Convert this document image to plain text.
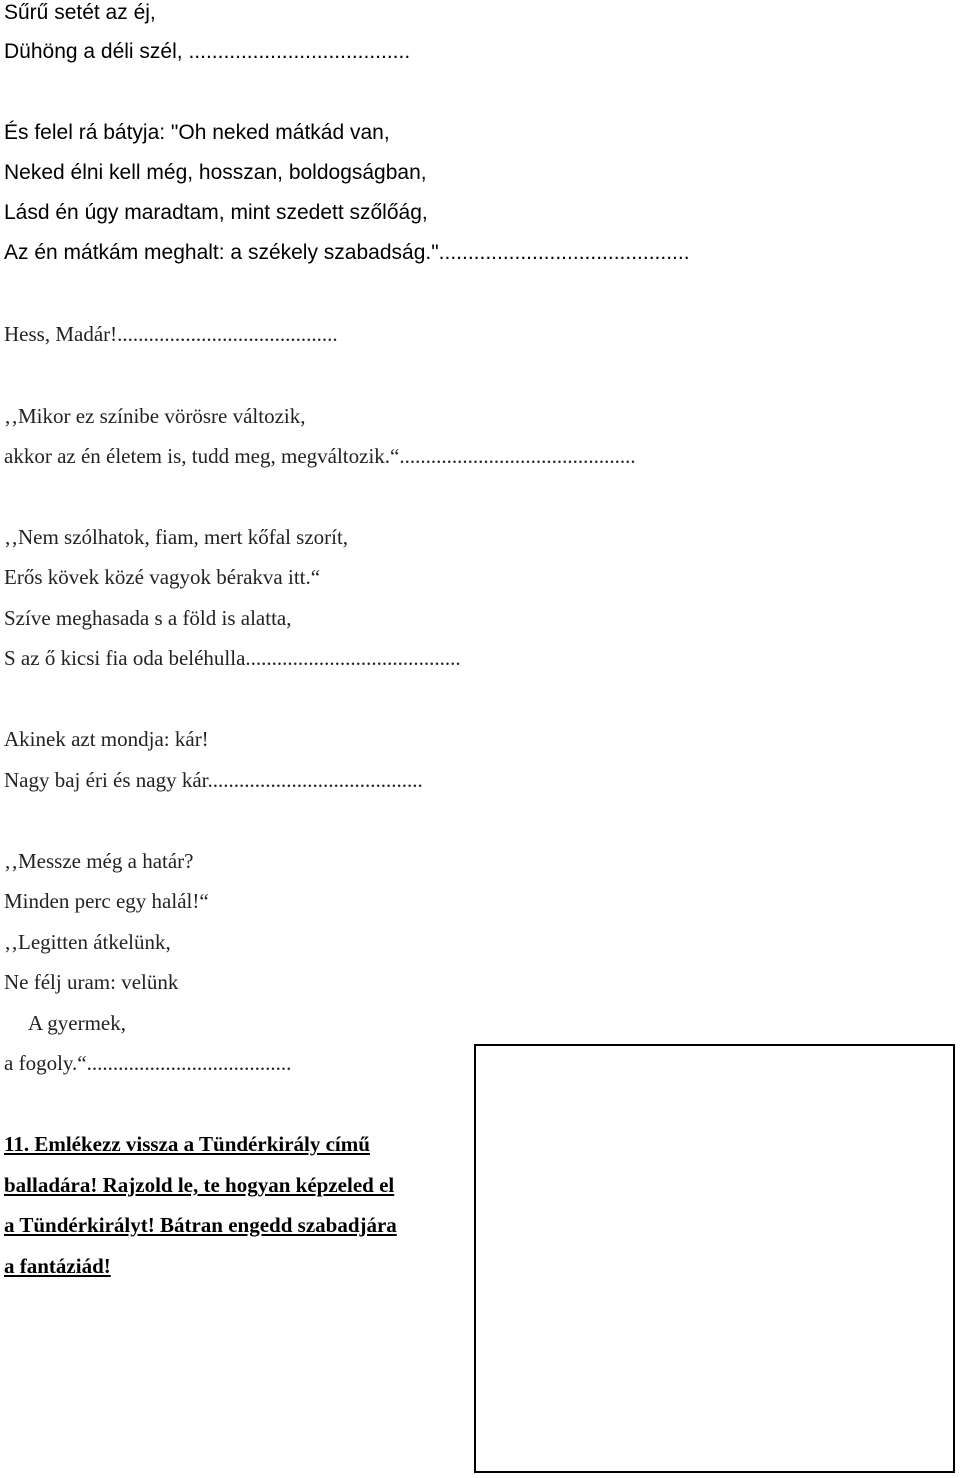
Sűrű setét az éj,
Dühöng a déli szél, ......................................
És felel rá bátyja: "Oh neked mátkád van,
Neked élni kell még, hosszan, boldogságban,
Lásd én úgy maradtam, mint szedett szőlőág,
Az én mátkám meghalt: a székely szabadság."...........................................
Hess, Madár!..........................................
‚‚Mikor ez színibe vörösre változik,
akkor az én életem is, tudd meg, megváltozik.“.............................................
‚‚Nem szólhatok, fiam, mert kőfal szorít,
Erős kövek közé vagyok bérakva itt.“
Szíve meghasada s a föld is alatta,
S az ő kicsi fia oda beléhulla.........................................
Akinek azt mondja: kár!
Nagy baj éri és nagy kár.........................................
‚‚Messze még a határ?
Minden perc egy halál!“
‚‚Legitten átkelünk,
Ne félj uram: velünk
A gyermek,
a fogoly.“.......................................
11. Emlékezz vissza a Tündérkirály című
balladára! Rajzold le, te hogyan képzeled el
a Tündérkirályt! Bátran engedd szabadjára
a fantáziád!
